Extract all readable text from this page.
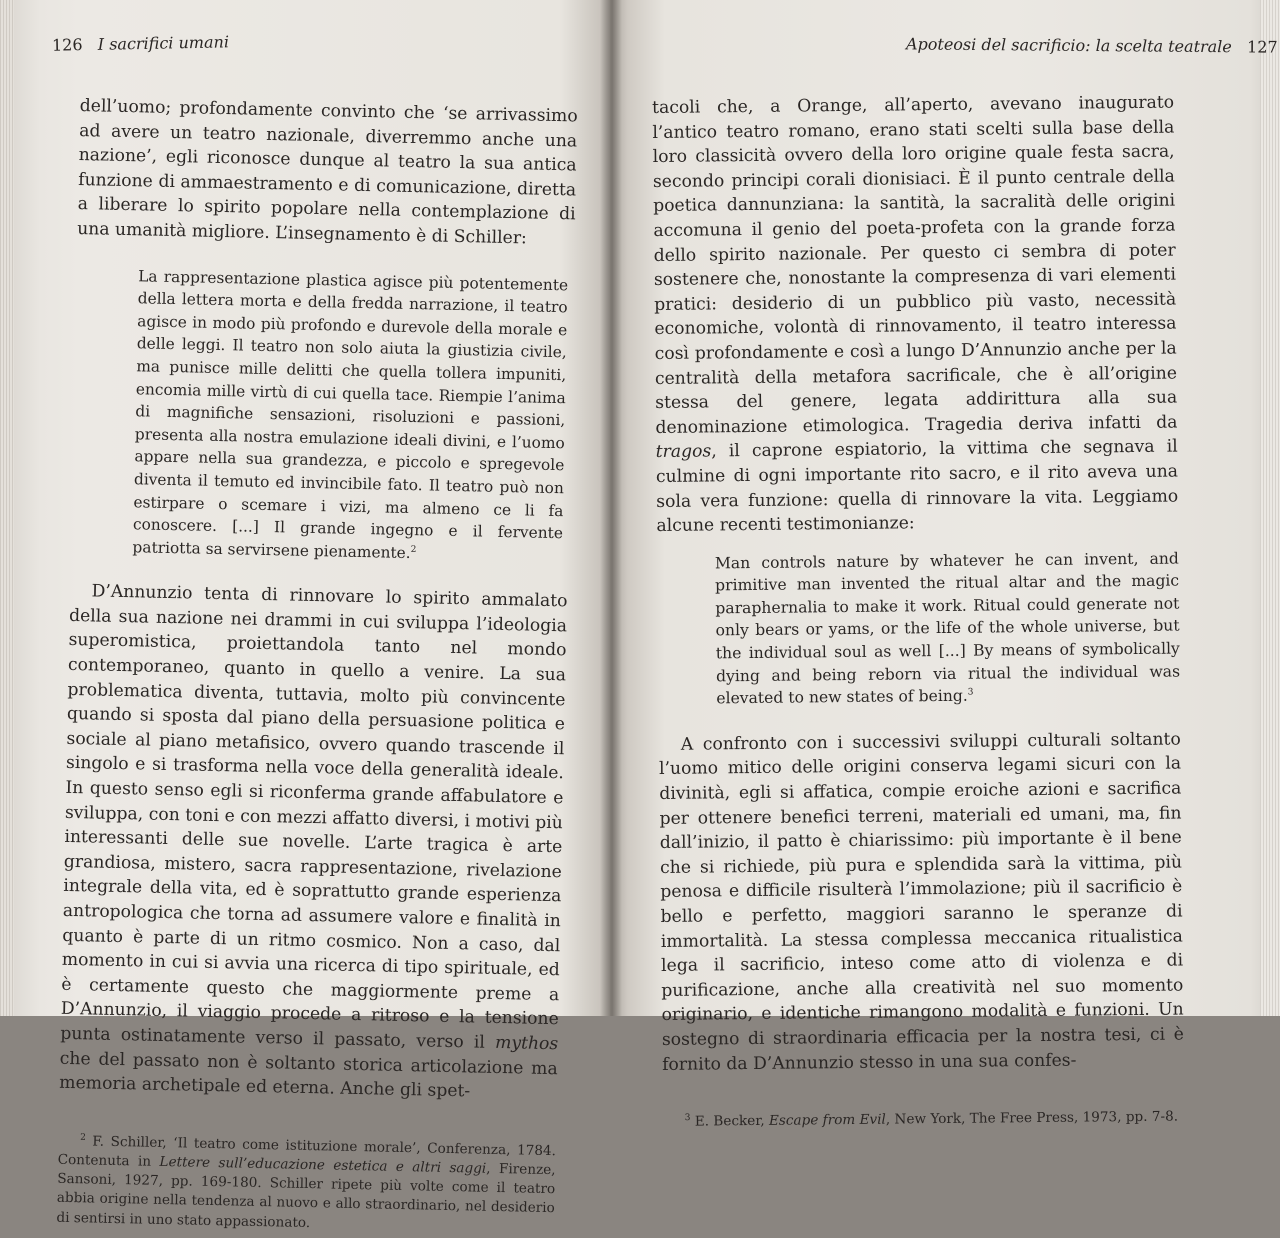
126 I sacrifici umani

dell’uomo; profondamente convinto che ‘se arrivassimo ad avere un teatro nazionale, diverremmo anche una nazione’, egli riconosce dunque al teatro la sua antica funzione di ammaestramento e di comunicazione, diretta a liberare lo spirito popolare nella contemplazione di una umanità migliore. L’insegnamento è di Schiller:

La rappresentazione plastica agisce più potentemente della lettera morta e della fredda narrazione, il teatro agisce in modo più profondo e durevole della morale e delle leggi. Il teatro non solo aiuta la giustizia civile, ma punisce mille delitti che quella tollera impuniti, encomia mille virtù di cui quella tace. Riempie l’anima di magnifiche sensazioni, risoluzioni e passioni, presenta alla nostra emulazione ideali divini, e l’uomo appare nella sua grandezza, e piccolo e spregevole diventa il temuto ed invincibile fato. Il teatro può non estirpare o scemare i vizi, ma almeno ce li fa conoscere. [...] Il grande ingegno e il fervente patriotta sa servirsene pienamente.$^2$

D’Annunzio tenta di rinnovare lo spirito ammalato della sua nazione nei drammi in cui sviluppa l’ideologia superomistica, proiettandola tanto nel mondo contemporaneo, quanto in quello a venire. La sua problematica diventa, tuttavia, molto più convincente quando si sposta dal piano della persuasione politica e sociale al piano metafisico, ovvero quando trascende il singolo e si trasforma nella voce della generalità ideale. In questo senso egli si riconferma grande affabulatore e sviluppa, con toni e con mezzi affatto diversi, i motivi più interessanti delle sue novelle. L’arte tragica è arte grandiosa, mistero, sacra rappresentazione, rivelazione integrale della vita, ed è soprattutto grande esperienza antropologica che torna ad assumere valore e finalità in quanto è parte di un ritmo cosmico. Non a caso, dal momento in cui si avvia una ricerca di tipo spirituale, ed è certamente questo che maggiormente preme a D’Annunzio, il viaggio procede a ritroso e la tensione punta ostinatamente verso il passato, verso il mythos che del passato non è soltanto storica articolazione ma memoria archetipale ed eterna. Anche gli spet-

$^2$ F. Schiller, ‘Il teatro come istituzione morale’, Conferenza, 1784. Contenuta in Lettere sull’educazione estetica e altri saggi, Firenze, Sansoni, 1927, pp. 169-180. Schiller ripete più volte come il teatro abbia origine nella tendenza al nuovo e allo straordinario, nel desiderio di sentirsi in uno stato appassionato.

Apoteosi del sacrificio: la scelta teatrale 127

tacoli che, a Orange, all’aperto, avevano inaugurato l’antico teatro romano, erano stati scelti sulla base della loro classicità ovvero della loro origine quale festa sacra, secondo principi corali dionisiaci. È il punto centrale della poetica dannunziana: la santità, la sacralità delle origini accomuna il genio del poeta-profeta con la grande forza dello spirito nazionale. Per questo ci sembra di poter sostenere che, nonostante la compresenza di vari elementi pratici: desiderio di un pubblico più vasto, necessità economiche, volontà di rinnovamento, il teatro interessa così profondamente e così a lungo D’Annunzio anche per la centralità della metafora sacrificale, che è all’origine stessa del genere, legata addirittura alla sua denominazione etimologica. Tragedia deriva infatti da tragos, il caprone espiatorio, la vittima che segnava il culmine di ogni importante rito sacro, e il rito aveva una sola vera funzione: quella di rinnovare la vita. Leggiamo alcune recenti testimonianze:

Man controls nature by whatever he can invent, and primitive man invented the ritual altar and the magic paraphernalia to make it work. Ritual could generate not only bears or yams, or the life of the whole universe, but the individual soul as well [...] By means of symbolically dying and being reborn via ritual the individual was elevated to new states of being.$^3$

A confronto con i successivi sviluppi culturali soltanto l’uomo mitico delle origini conserva legami sicuri con la divinità, egli si affatica, compie eroiche azioni e sacrifica per ottenere benefici terreni, materiali ed umani, ma, fin dall’inizio, il patto è chiarissimo: più importante è il bene che si richiede, più pura e splendida sarà la vittima, più penosa e difficile risulterà l’immolazione; più il sacrificio è bello e perfetto, maggiori saranno le speranze di immortalità. La stessa complessa meccanica ritualistica lega il sacrificio, inteso come atto di violenza e di purificazione, anche alla creatività nel suo momento originario, e identiche rimangono modalità e funzioni. Un sostegno di straordinaria efficacia per la nostra tesi, ci è fornito da D’Annunzio stesso in una sua confes-

$^3$ E. Becker, Escape from Evil, New York, The Free Press, 1973, pp. 7-8.
